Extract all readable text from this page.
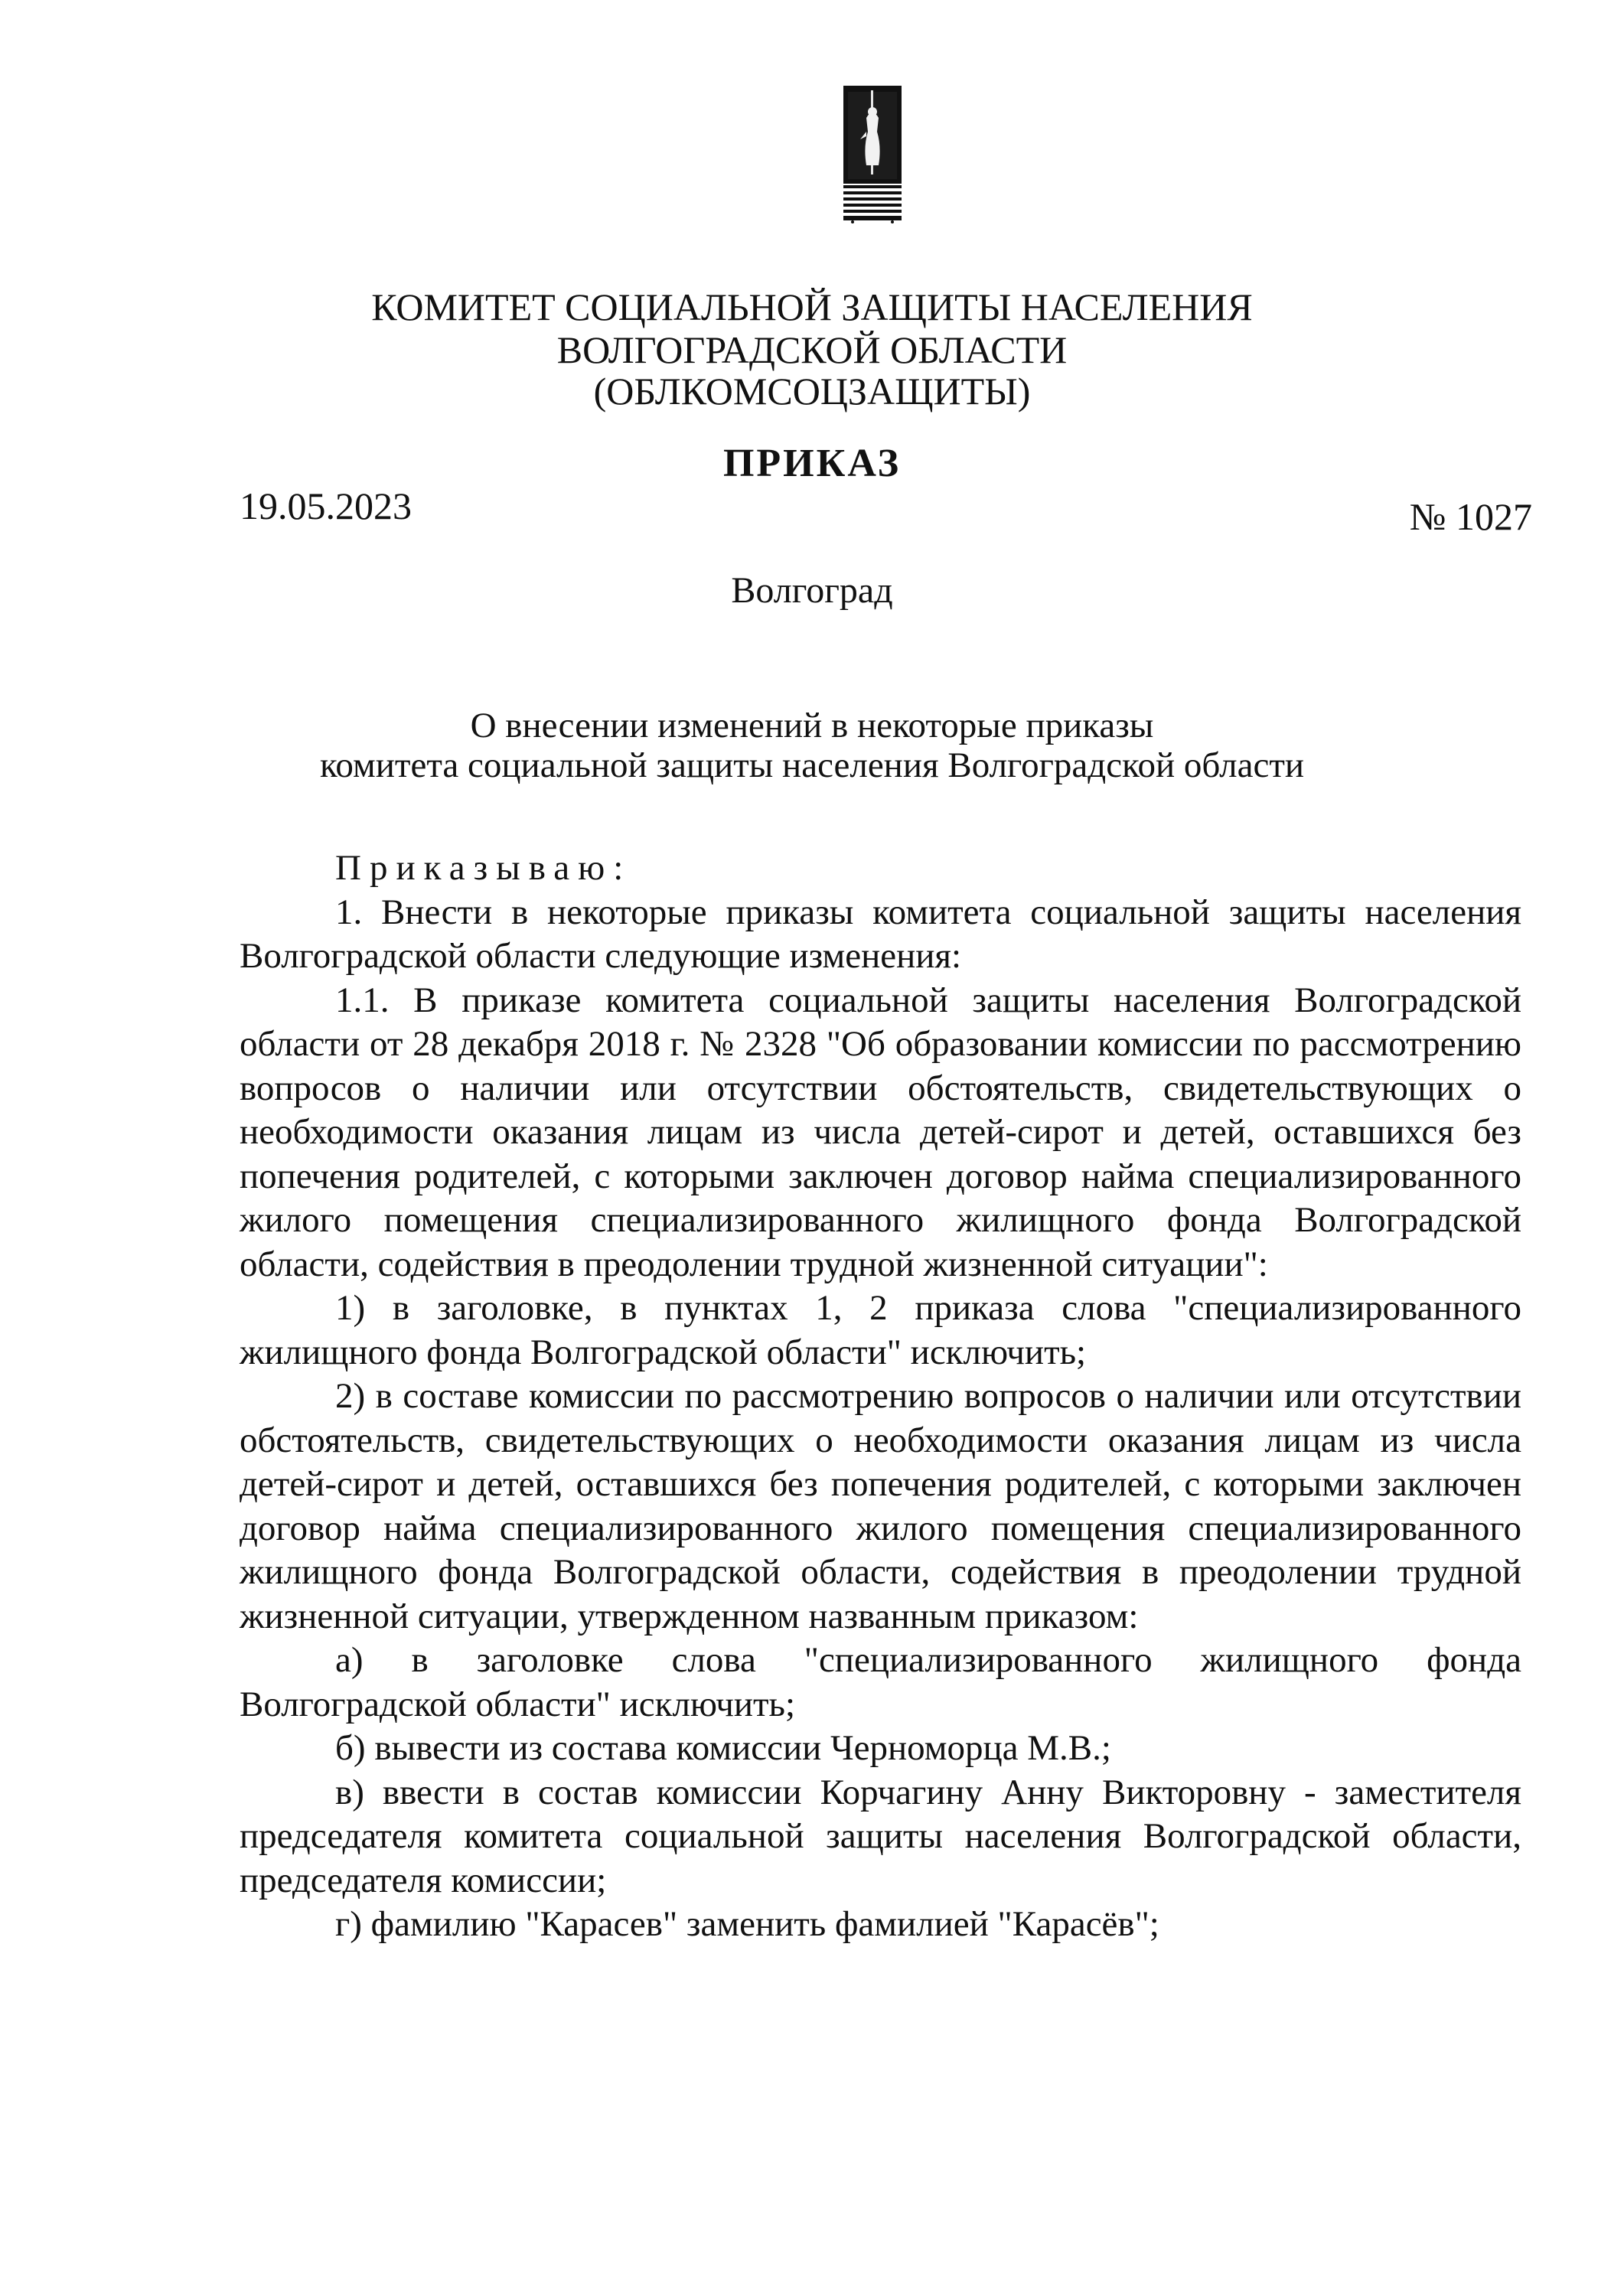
КОМИТЕТ СОЦИАЛЬНОЙ ЗАЩИТЫ НАСЕЛЕНИЯ
ВОЛГОГРАДСКОЙ ОБЛАСТИ
(ОБЛКОМСОЦЗАЩИТЫ)
ПРИКАЗ
19.05.2023	№ 1027
Волгоград
О внесении изменений в некоторые приказы
комитета социальной защиты населения Волгоградской области

Приказываю:

1. Внести в некоторые приказы комитета социальной защиты населения Волгоградской области следующие изменения:

1.1. В приказе комитета социальной защиты населения Волгоградской области от 28 декабря 2018 г. № 2328 "Об образовании комиссии по рассмотрению вопросов о наличии или отсутствии обстоятельств, свидетельствующих о необходимости оказания лицам из числа детей-сирот и детей, оставшихся без попечения родителей, с которыми заключен договор найма специализированного жилого помещения специализированного жилищного фонда Волгоградской области, содействия в преодолении трудной жизненной ситуации":

1) в заголовке, в пунктах 1, 2 приказа слова "специализированного жилищного фонда Волгоградской области" исключить;

2) в составе комиссии по рассмотрению вопросов о наличии или отсутствии обстоятельств, свидетельствующих о необходимости оказания лицам из числа детей-сирот и детей, оставшихся без попечения родителей, с которыми заключен договор найма специализированного жилого помещения специализированного жилищного фонда Волгоградской области, содействия в преодолении трудной жизненной ситуации, утвержденном названным приказом:

а) в заголовке слова "специализированного жилищного фонда Волгоградской области" исключить;

б) вывести из состава комиссии Черноморца М.В.;

в) ввести в состав комиссии Корчагину Анну Викторовну - заместителя председателя комитета социальной защиты населения Волгоградской области, председателя комиссии;

г) фамилию "Карасев" заменить фамилией "Карасёв";
